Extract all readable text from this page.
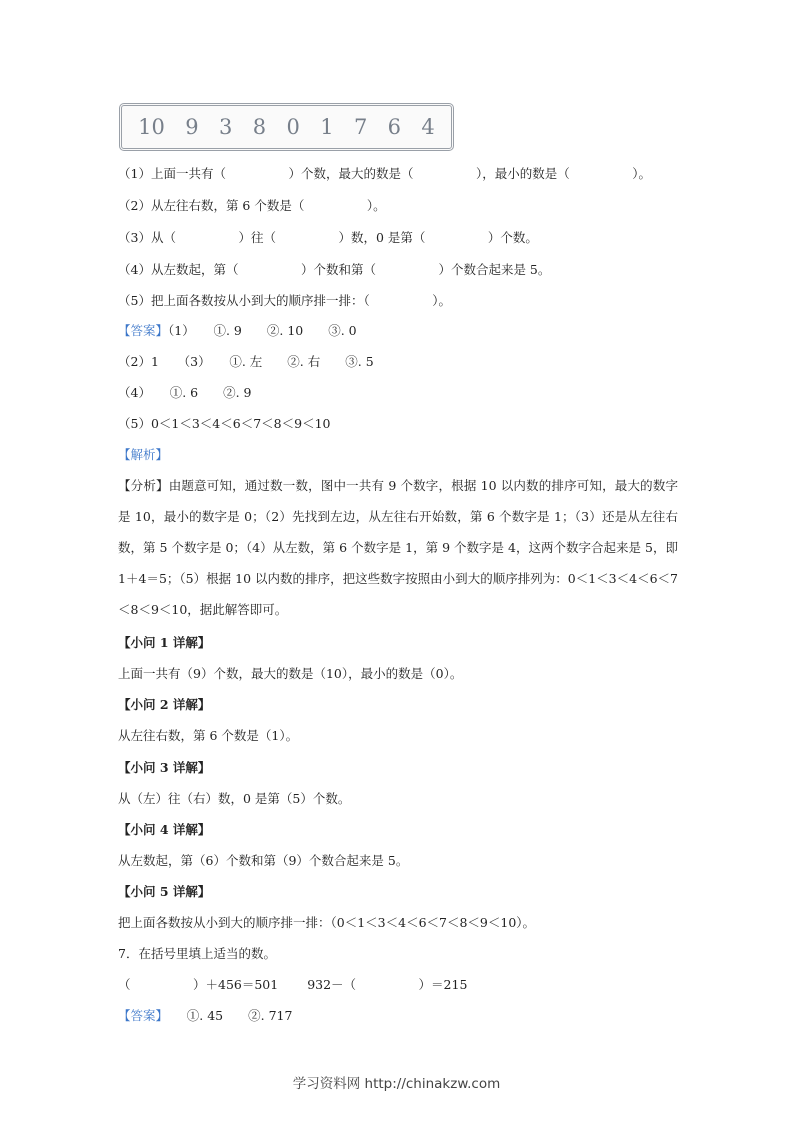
10 9 3 8 0 1 7 6 4
（1）上面一共有（　　　　　）个数，最大的数是（　　　　　），最小的数是（　　　　　）。
（2）从左往右数，第 6 个数是（　　　　　）。
（3）从（　　　　　）往（　　　　　）数，0 是第（　　　　　）个数。
（4）从左数起，第（　　　　　）个数和第（　　　　　）个数合起来是 5。
（5）把上面各数按从小到大的顺序排一排：（　　　　　）。
【答案】（1）　　①. 9　　②. 10　　③. 0
（2）1　　（3）　　①. 左　　②. 右　　③. 5
（4）　　①. 6　　②. 9
（5）0＜1＜3＜4＜6＜7＜8＜9＜10
【解析】
【分析】由题意可知，通过数一数，图中一共有 9 个数字，根据 10 以内数的排序可知，最大的数字是 10，最小的数字是 0；（2）先找到左边，从左往右开始数，第 6 个数字是 1；（3）还是从左往右数，第 5 个数字是 0；（4）从左数，第 6 个数字是 1，第 9 个数字是 4，这两个数字合起来是 5，即 1＋4＝5；（5）根据 10 以内数的排序，把这些数字按照由小到大的顺序排列为：0＜1＜3＜4＜6＜7＜8＜9＜10，据此解答即可。
【小问 1 详解】
上面一共有（9）个数，最大的数是（10），最小的数是（0）。
【小问 2 详解】
从左往右数，第 6 个数是（1）。
【小问 3 详解】
从（左）往（右）数，0 是第（5）个数。
【小问 4 详解】
从左数起，第（6）个数和第（9）个数合起来是 5。
【小问 5 详解】
把上面各数按从小到大的顺序排一排：（0＜1＜3＜4＜6＜7＜8＜9＜10）。
7．在括号里填上适当的数。
（　　　　　）＋456＝501　　 932－（　　　　　）＝215
【答案】　　①. 45　　②. 717
学习资料网 http://chinakzw.com
